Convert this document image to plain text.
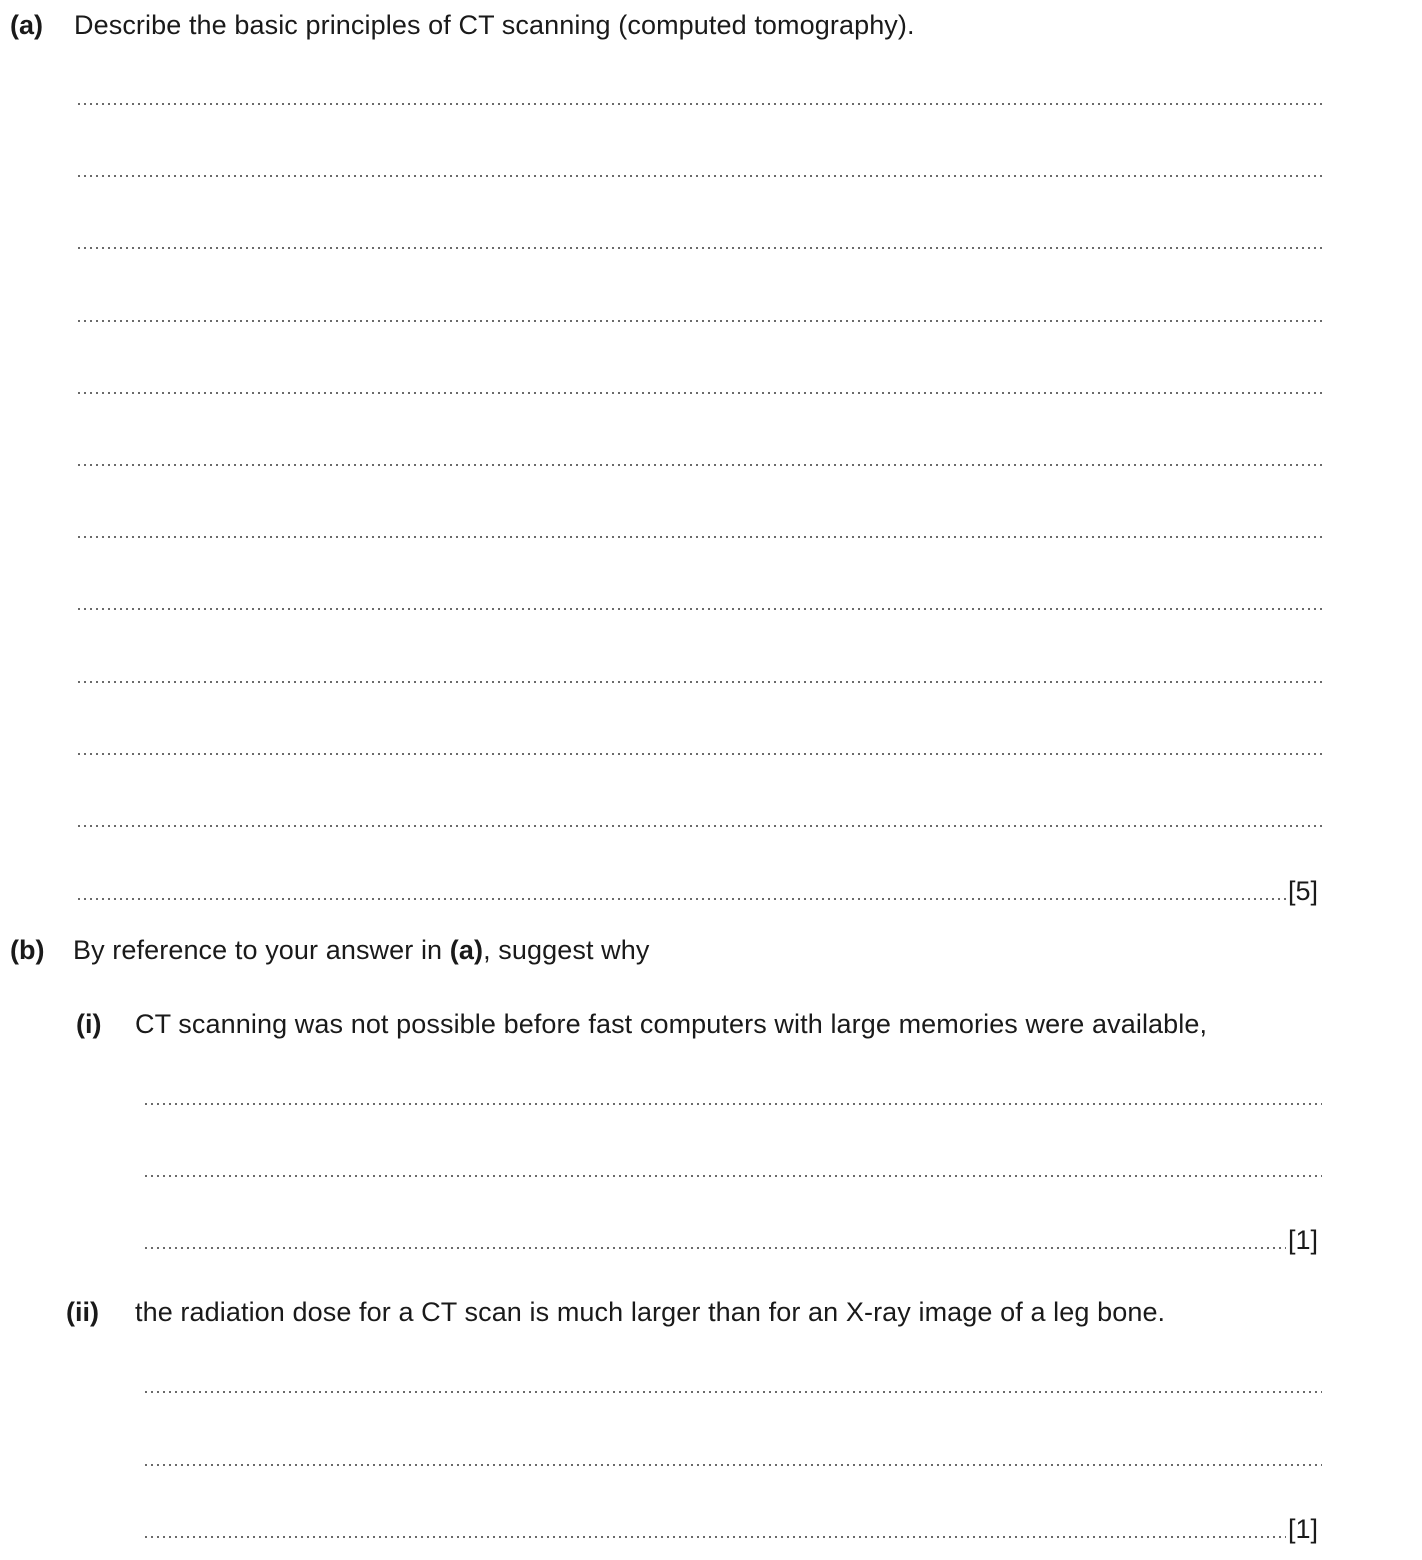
(a) Describe the basic principles of CT scanning (computed tomography).
[5]
(b) By reference to your answer in (a), suggest why
(i) CT scanning was not possible before fast computers with large memories were available,
[1]
(ii) the radiation dose for a CT scan is much larger than for an X-ray image of a leg bone.
[1]
